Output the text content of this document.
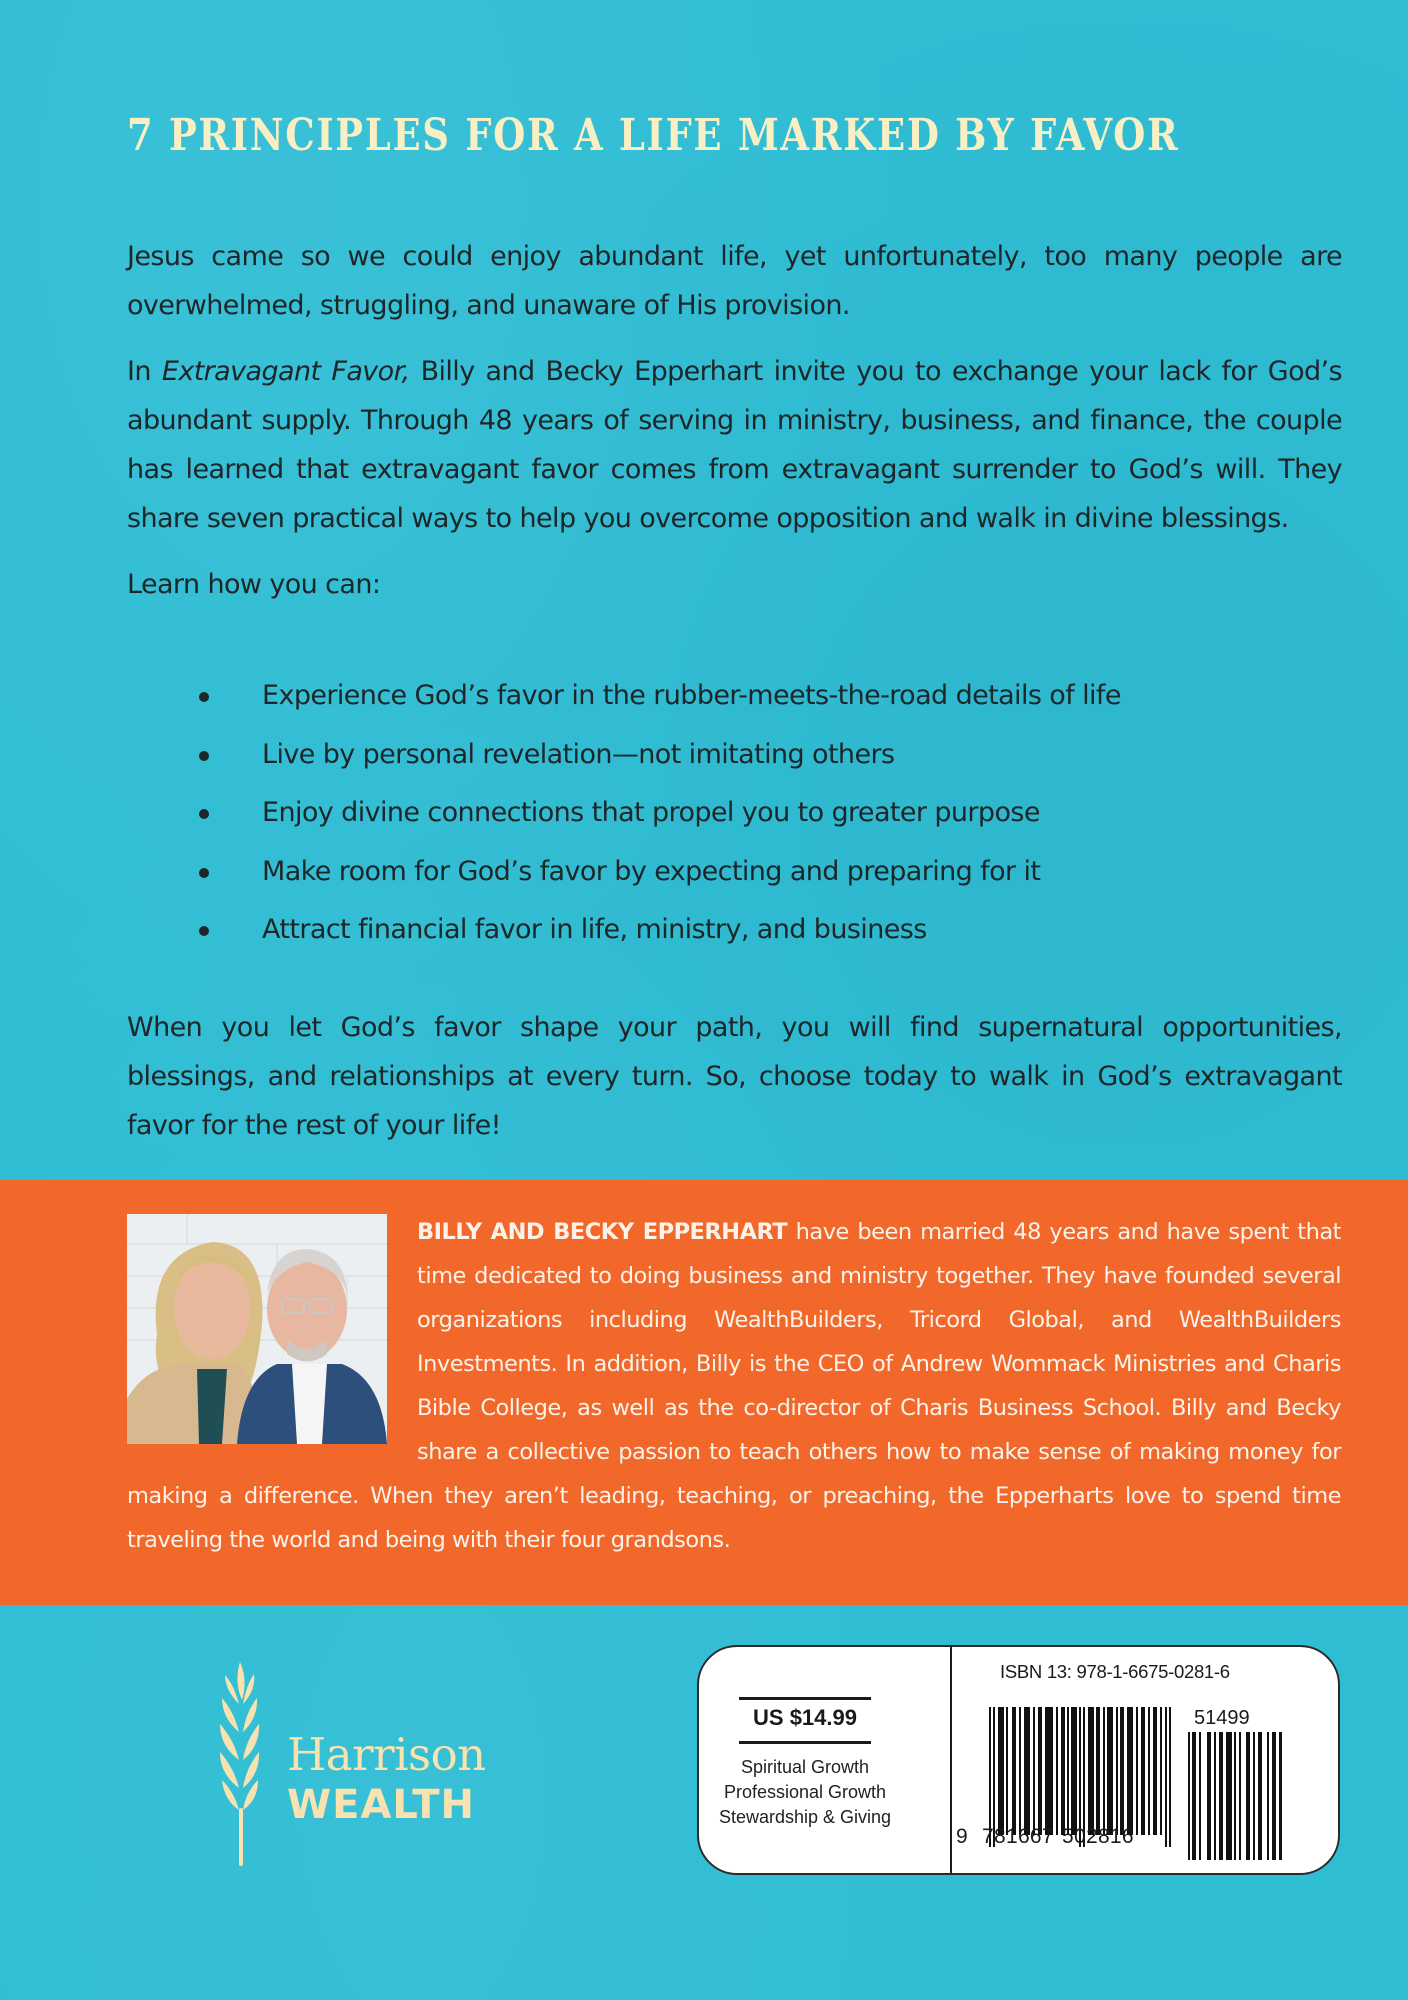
7 PRINCIPLES FOR A LIFE MARKED BY FAVOR

Jesus came so we could enjoy abundant life, yet unfortunately, too many people are overwhelmed, struggling, and unaware of His provision.

In Extravagant Favor, Billy and Becky Epperhart invite you to exchange your lack for God’s abundant supply. Through 48 years of serving in ministry, business, and finance, the couple has learned that extravagant favor comes from extravagant surrender to God’s will. They share seven practical ways to help you overcome opposition and walk in divine blessings.

Learn how you can:

Experience God’s favor in the rubber-meets-the-road details of life
Live by personal revelation—not imitating others
Enjoy divine connections that propel you to greater purpose
Make room for God’s favor by expecting and preparing for it
Attract financial favor in life, ministry, and business

When you let God’s favor shape your path, you will find supernatural opportunities, blessings, and relationships at every turn. So, choose today to walk in God’s extravagant favor for the rest of your life!

BILLY AND BECKY EPPERHART have been married 48 years and have spent that time dedicated to doing business and ministry together. They have founded several organizations including WealthBuilders, Tricord Global, and WealthBuilders Investments. In addition, Billy is the CEO of Andrew Wommack Ministries and Charis Bible College, as well as the co-director of Charis Business School. Billy and Becky share a collective passion to teach others how to make sense of making money for making a difference. When they aren’t leading, teaching, or preaching, the Epperharts love to spend time traveling the world and being with their four grandsons.
Harrison
WEALTH
US $14.99
Spiritual Growth
Professional Growth
Stewardship & Giving
ISBN 13: 978-1-6675-0281-6
9 781667 502816
51499
